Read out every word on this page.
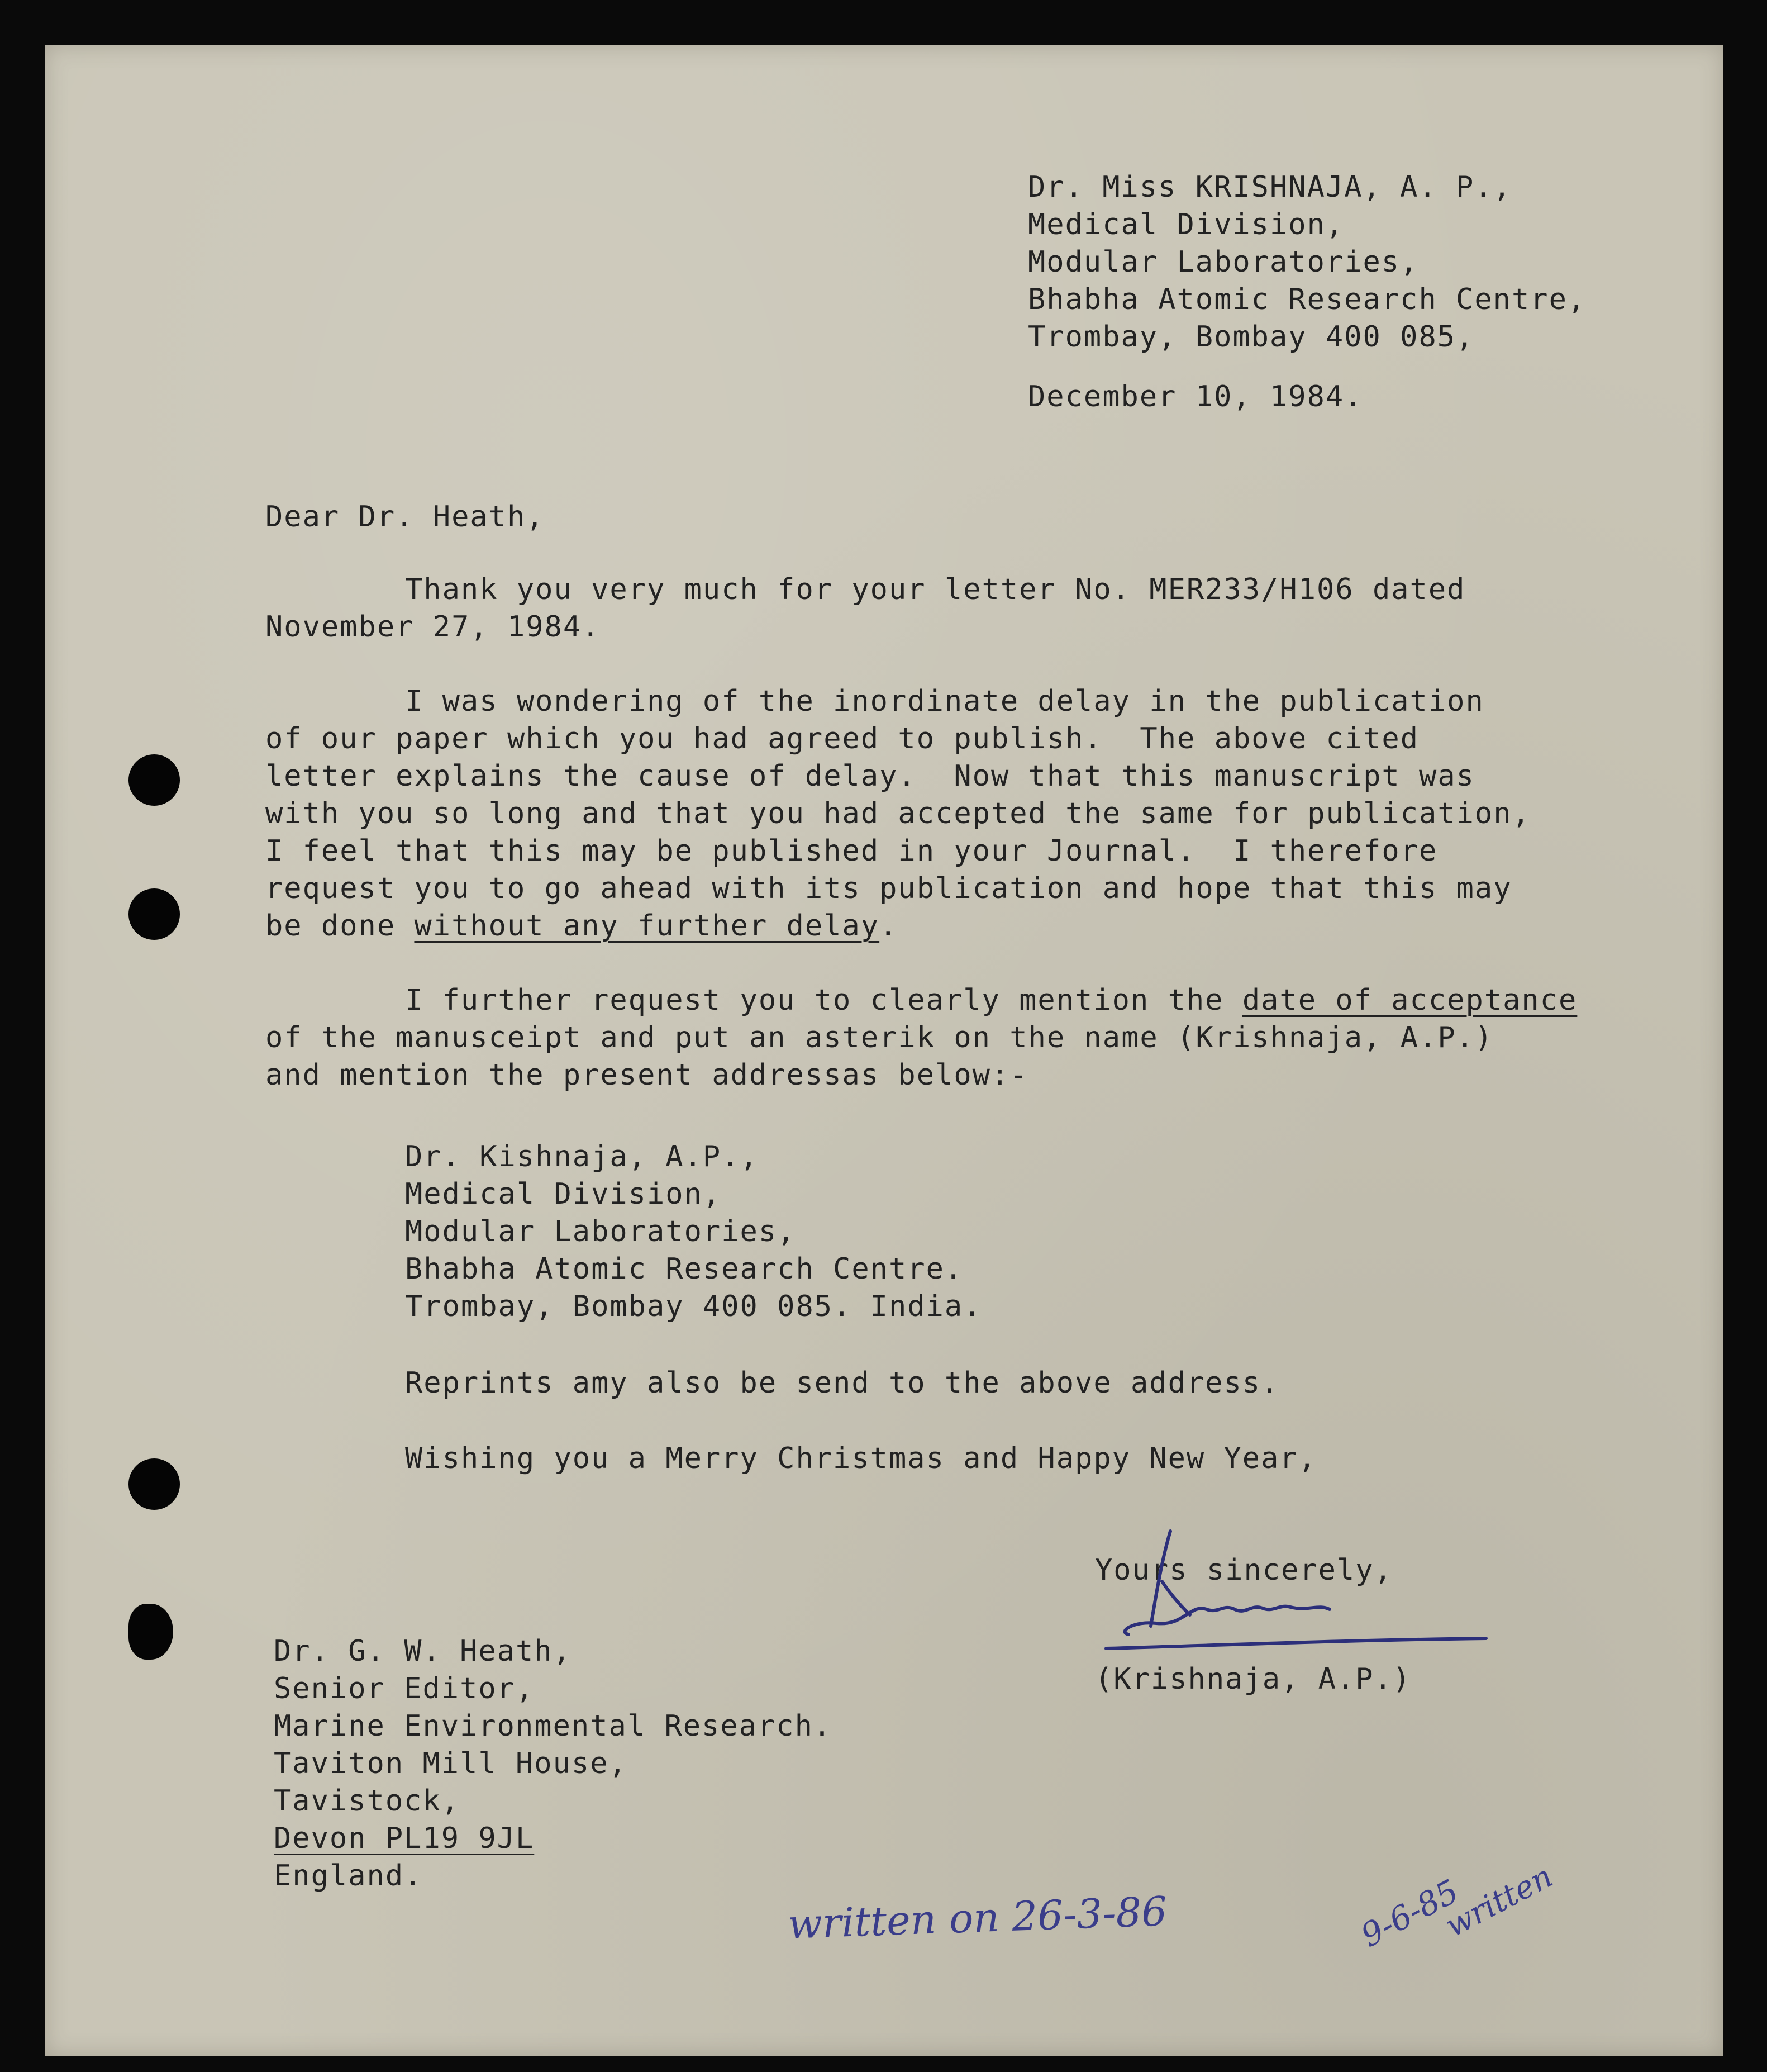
Dr. Miss KRISHNAJA, A. P.,
Medical Division,
Modular Laboratories,
Bhabha Atomic Research Centre,
Trombay, Bombay 400 085,
December 10, 1984.
Dear Dr. Heath,
Thank you very much for your letter No. MER233/H106 dated
November 27, 1984.
I was wondering of the inordinate delay in the publication
of our paper which you had agreed to publish.  The above cited
letter explains the cause of delay.  Now that this manuscript was
with you so long and that you had accepted the same for publication,
I feel that this may be published in your Journal.  I therefore
request you to go ahead with its publication and hope that this may
be done without any further delay.
I further request you to clearly mention the date of acceptance
of the manusceipt and put an asterik on the name (Krishnaja, A.P.)
and mention the present addressas below:-
Dr. Kishnaja, A.P.,
Medical Division,
Modular Laboratories,
Bhabha Atomic Research Centre.
Trombay, Bombay 400 085. India.
Reprints amy also be send to the above address.
Wishing you a Merry Christmas and Happy New Year,
Yours sincerely,
(Krishnaja, A.P.)
Dr. G. W. Heath,
Senior Editor,
Marine Environmental Research.
Taviton Mill House,
Tavistock,
Devon PL19 9JL
England.
written on 26-3-86	9-6-85
written
